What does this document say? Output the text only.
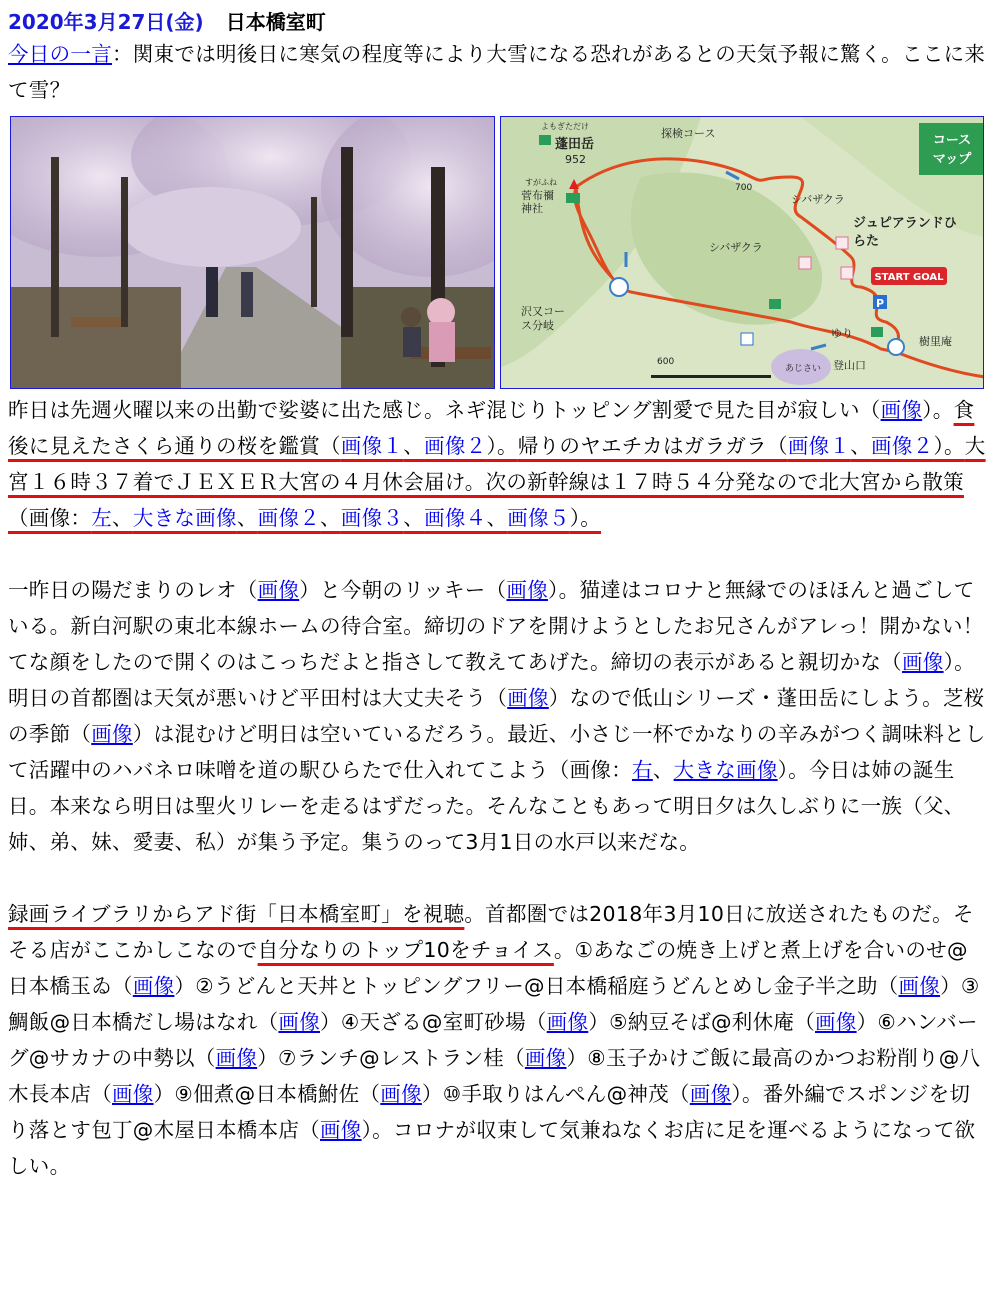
2020年3月27日(金) 日本橋室町

今日の一言：関東では明後日に寒気の程度等により大雪になる恐れがあるとの天気予報に驚く。ここに来て雪？

コース
マップ
P
START GOAL
よもぎただけ
蓬田岳
952
すがふね
菅布禰神社
探検コース
シバザクラ
シバザクラ
ジュピアランドひらた
沢又コース分岐
ゆり
樹里庵
登山口
あじさい
700
600

昨日は先週火曜以来の出勤で娑婆に出た感じ。ネギ混じりトッピング割愛で見た目が寂しい（画像）。食後に見えたさくら通りの桜を鑑賞（画像１、画像２）。帰りのヤエチカはガラガラ（画像１、画像２）。大宮１６時３７着でＪＥＸＥＲ大宮の４月休会届け。次の新幹線は１７時５４分発なので北大宮から散策（画像：左、大きな画像、画像２、画像３、画像４、画像５）。

一昨日の陽だまりのレオ（画像）と今朝のリッキー（画像）。猫達はコロナと無縁でのほほんと過ごしている。新白河駅の東北本線ホームの待合室。締切のドアを開けようとしたお兄さんがアレっ！開かない！てな顔をしたので開くのはこっちだよと指さして教えてあげた。締切の表示があると親切かな（画像）。明日の首都圏は天気が悪いけど平田村は大丈夫そう（画像）なので低山シリーズ・蓬田岳にしよう。芝桜の季節（画像）は混むけど明日は空いているだろう。最近、小さじ一杯でかなりの辛みがつく調味料として活躍中のハバネロ味噌を道の駅ひらたで仕入れてこよう（画像：右、大きな画像）。今日は姉の誕生日。本来なら明日は聖火リレーを走るはずだった。そんなこともあって明日夕は久しぶりに一族（父、姉、弟、妹、愛妻、私）が集う予定。集うのって3月1日の水戸以来だな。

録画ライブラリからアド街「日本橋室町」を視聴。首都圏では2018年3月10日に放送されたものだ。そそる店がここかしこなので自分なりのトップ10をチョイス。①あなごの焼き上げと煮上げを合いのせ@日本橋玉ゐ（画像）②うどんと天丼とトッピングフリー@日本橋稲庭うどんとめし金子半之助（画像）③鯛飯@日本橋だし場はなれ（画像）④天ざる@室町砂場（画像）⑤納豆そば@利休庵（画像）⑥ハンバーグ@サカナの中勢以（画像）⑦ランチ@レストラン桂（画像）⑧玉子かけご飯に最高のかつお粉削り@八木長本店（画像）⑨佃煮@日本橋鮒佐（画像）⑩手取りはんぺん@神茂（画像）。番外編でスポンジを切り落とす包丁@木屋日本橋本店（画像）。コロナが収束して気兼ねなくお店に足を運べるようになって欲しい。
